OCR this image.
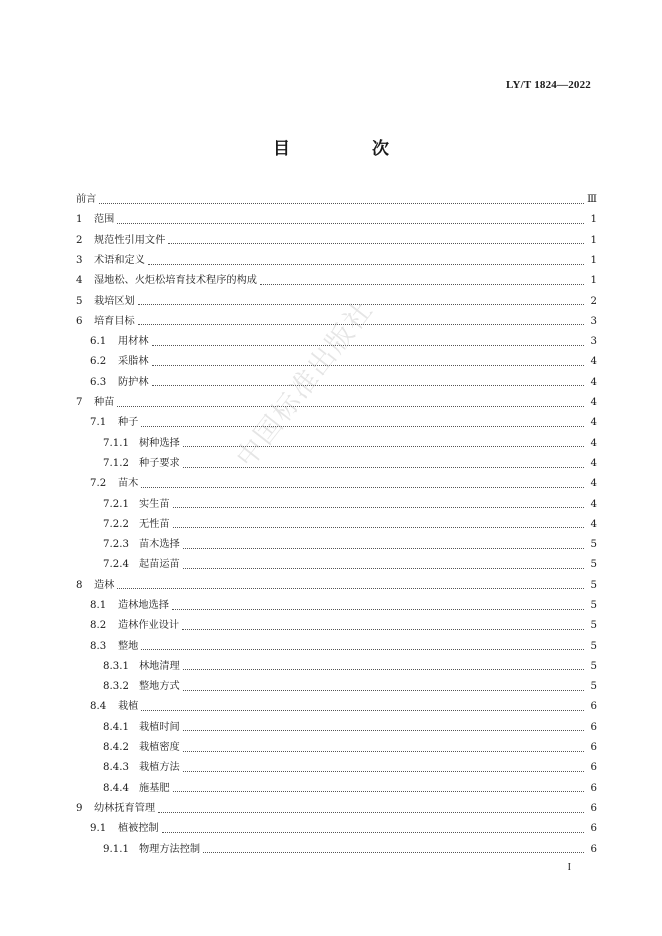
LY/T 1824—2022
目 次
前言	Ⅲ
1	范围	1
2	规范性引用文件	1
3	术语和定义	1
4	湿地松、火炬松培育技术程序的构成	1
5	栽培区划	2
6	培育目标	3
6.1	用材林	3
6.2	采脂林	4
6.3	防护林	4
7	种苗	4
7.1	种子	4
7.1.1 树种选择	4
7.1.2 种子要求	4
7.2	苗木	4
7.2.1 实生苗	4
7.2.2 无性苗	4
7.2.3 苗木选择	5
7.2.4 起苗运苗	5
8	造林	5
8.1	造林地选择	5
8.2	造林作业设计	5
8.3	整地	5
8.3.1 林地清理	5
8.3.2 整地方式	5
8.4	栽植	6
8.4.1 栽植时间	6
8.4.2 栽植密度	6
8.4.3 栽植方法	6
8.4.4 施基肥	6
9	幼林抚育管理	6
9.1	植被控制	6
9.1.1 物理方法控制	6
中国标准出版社
I
